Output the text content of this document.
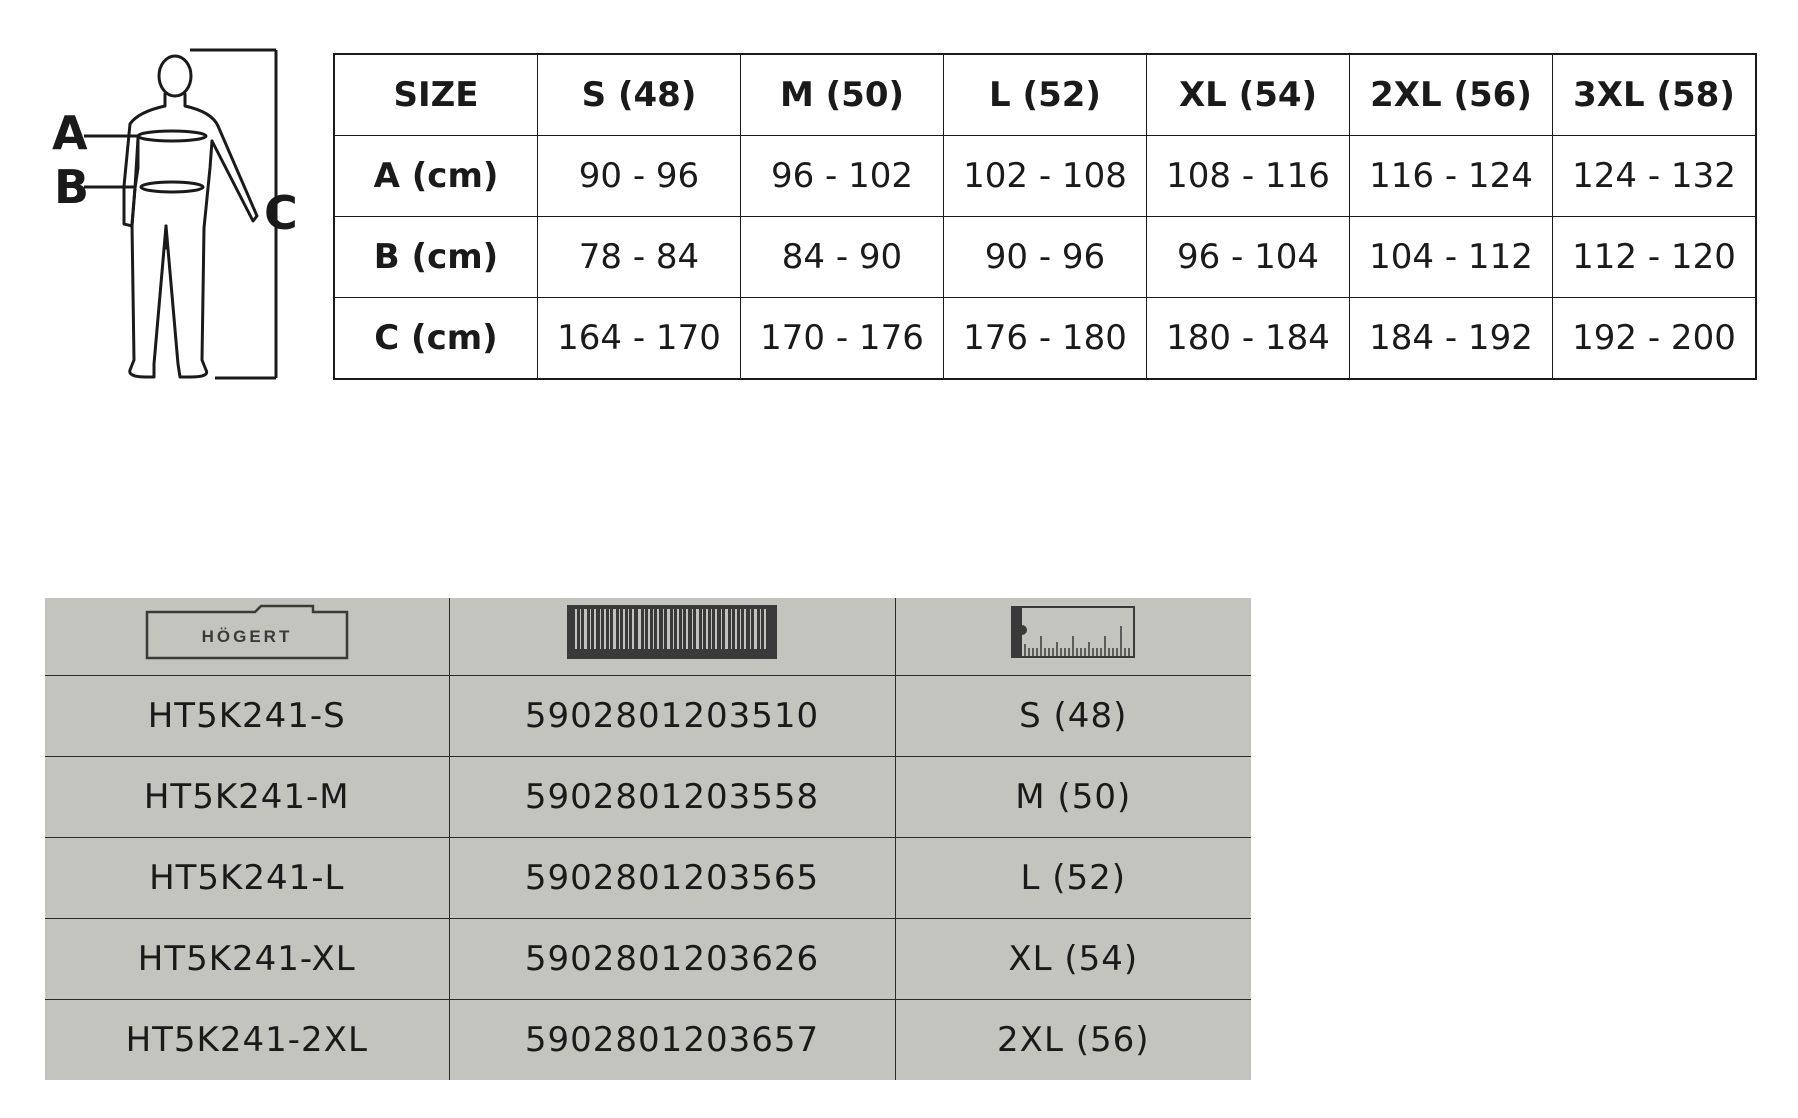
A
B	C
SIZE	S (48)	M (50)	L (52)	XL (54)	2XL (56)	3XL (58)
A (cm)	90 - 96	96 - 102	102 - 108	108 - 116	116 - 124	124 - 132
B (cm)	78 - 84	84 - 90	90 - 96	96 - 104	104 - 112	112 - 120
C (cm)	164 - 170	170 - 176	176 - 180	180 - 184	184 - 192	192 - 200
HÖGERT

HT5K241-S	5902801203510	S (48)
HT5K241-M	5902801203558	M (50)
HT5K241-L	5902801203565	L (52)
HT5K241-XL	5902801203626	XL (54)
HT5K241-2XL	5902801203657	2XL (56)
